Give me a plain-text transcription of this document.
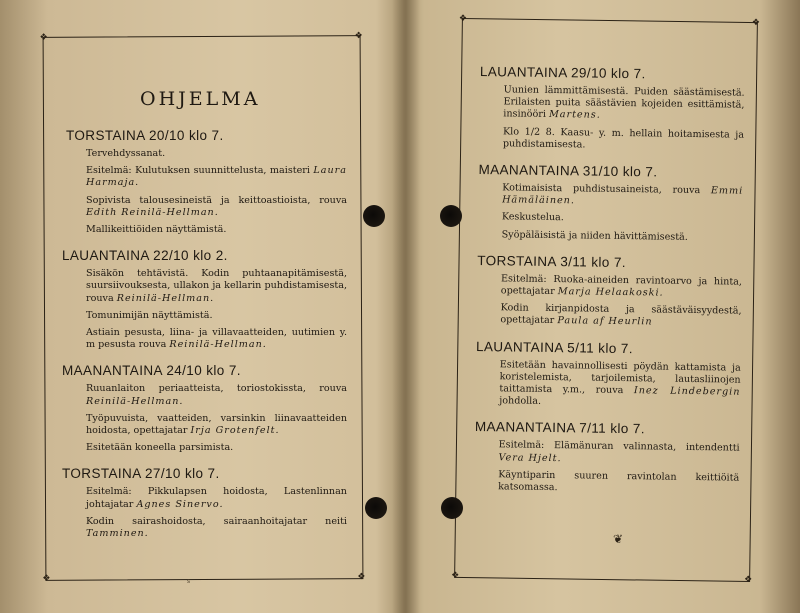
❖
❖
❖
❖
❖
❖
❖
❖
OHJELMA
TORSTAINA 20/10 klo 7.
Tervehdyssanat.
Esitelmä: Kulutuksen suunnittelusta, maisteri Laura Harmaja.
Sopivista talousesineistä ja keittoastioista, rouva Edith Reinilä-Hellman.
Mallikeittiöiden näyttämistä.
LAUANTAINA 22/10 klo 2.
Sisäkön tehtävistä. Kodin puhtaanapitämisestä, suursiivouksesta, ullakon ja kellarin puhdistamisesta, rouva Reinilä-Hellman.
Tomunimijän näyttämistä.
Astiain pesusta, liina- ja villavaatteiden, uutimien y. m pesusta rouva Reinilä-Hellman.
MAANANTAINA 24/10 klo 7.
Ruuanlaiton periaatteista, toriostokissta, rouva Reinilä-Hellman.
Työpuvuista, vaatteiden, varsinkin liinavaatteiden hoidosta, opettajatar Irja Grotenfelt.
Esitetään koneella parsimista.
TORSTAINA 27/10 klo 7.
Esitelmä: Pikkulapsen hoidosta, Lastenlinnan johtajatar Agnes Sinervo.
Kodin sairashoidosta, sairaanhoitajatar neiti Tamminen.
LAUANTAINA 29/10 klo 7.
Uunien lämmittämisestä. Puiden säästämisestä. Erilaisten puita säästävien kojeiden esittämistä, insinööri Martens.
Klo 1/2 8. Kaasu- y. m. hellain hoitamisesta ja puhdistamisesta.
MAANANTAINA 31/10 klo 7.
Kotimaisista puhdistusaineista, rouva Emmi Hämäläinen.
Keskustelua.
Syöpäläisistä ja niiden hävittämisestä.
TORSTAINA 3/11 klo 7.
Esitelmä: Ruoka-aineiden ravintoarvo ja hinta, opettajatar Marja Helaakoski.
Kodin kirjanpidosta ja säästäväisyydestä, opettajatar Paula af Heurlin
LAUANTAINA 5/11 klo 7.
Esitetään havainnollisesti pöydän kattamista ja koristelemista, tarjoilemista, lautasliinojen taittamista y.m., rouva Inez Lindebergin johdolla.
MAANANTAINA 7/11 klo 7.
Esitelmä: Elämänuran valinnasta, intendentti Vera Hjelt.
Käyntiparin suuren ravintolan keittiöitä katsomassa.
s
❦
